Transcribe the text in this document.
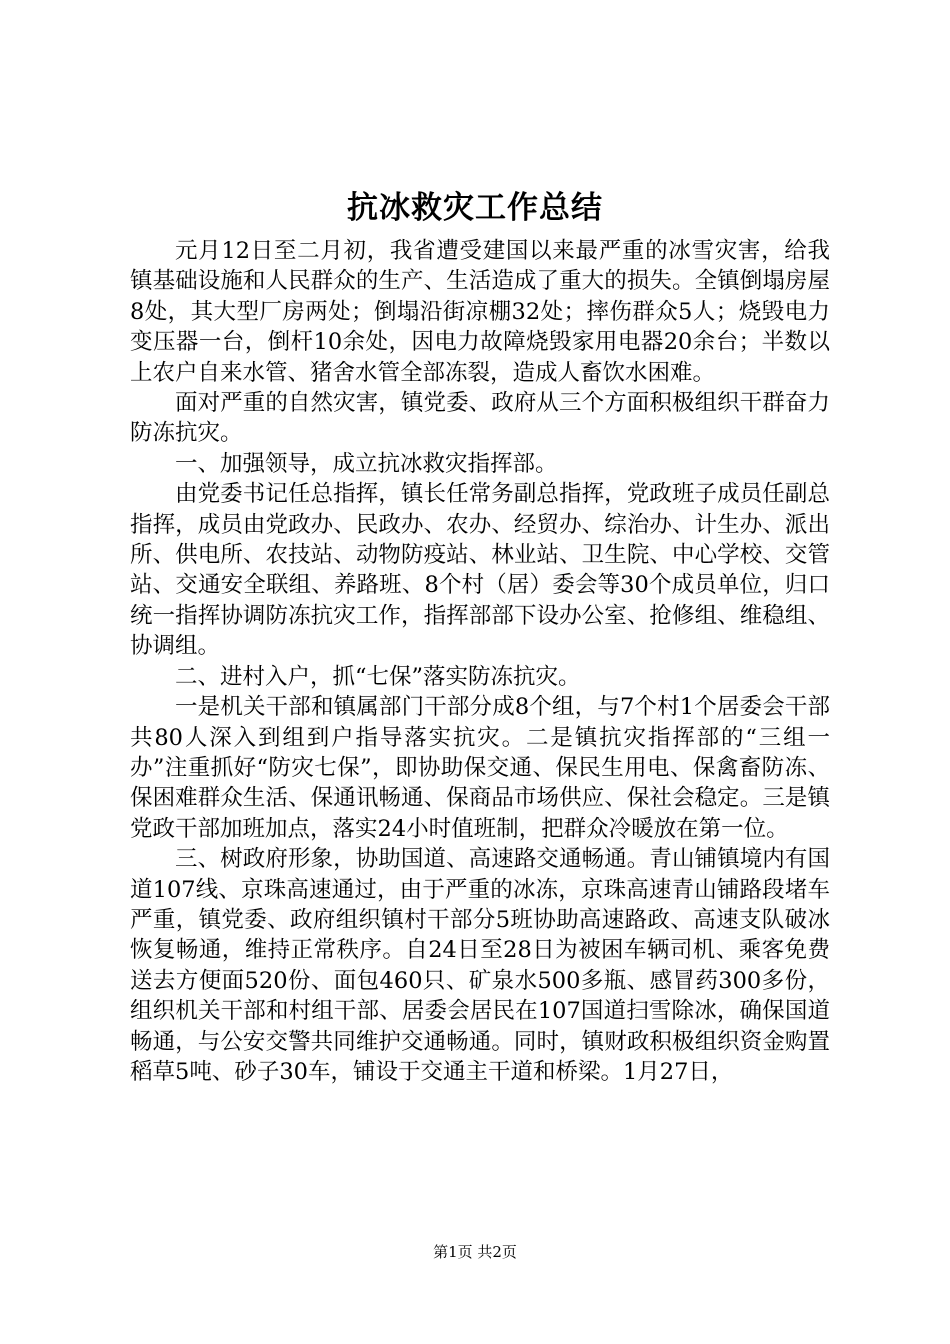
抗冰救灾工作总结

元月12日至二月初，我省遭受建国以来最严重的冰雪灾害，给我镇基础设施和人民群众的生产、生活造成了重大的损失。全镇倒塌房屋8处，其大型厂房两处；倒塌沿街凉棚32处；摔伤群众5人；烧毁电力变压器一台，倒杆10余处，因电力故障烧毁家用电器20余台；半数以上农户自来水管、猪舍水管全部冻裂，造成人畜饮水困难。

面对严重的自然灾害，镇党委、政府从三个方面积极组织干群奋力防冻抗灾。

一、加强领导，成立抗冰救灾指挥部。

由党委书记任总指挥，镇长任常务副总指挥，党政班子成员任副总指挥，成员由党政办、民政办、农办、经贸办、综治办、计生办、派出所、供电所、农技站、动物防疫站、林业站、卫生院、中心学校、交管站、交通安全联组、养路班、8个村（居）委会等30个成员单位，归口统一指挥协调防冻抗灾工作，指挥部部下设办公室、抢修组、维稳组、协调组。

二、进村入户，抓“七保”落实防冻抗灾。

一是机关干部和镇属部门干部分成8个组，与7个村1个居委会干部共80人深入到组到户指导落实抗灾。二是镇抗灾指挥部的“三组一办”注重抓好“防灾七保”，即协助保交通、保民生用电、保禽畜防冻、保困难群众生活、保通讯畅通、保商品市场供应、保社会稳定。三是镇党政干部加班加点，落实24小时值班制，把群众冷暖放在第一位。

三、树政府形象，协助国道、高速路交通畅通。青山铺镇境内有国道107线、京珠高速通过，由于严重的冰冻，京珠高速青山铺路段堵车严重，镇党委、政府组织镇村干部分5班协助高速路政、高速支队破冰恢复畅通，维持正常秩序。自24日至28日为被困车辆司机、乘客免费送去方便面520份、面包460只、矿泉水500多瓶、感冒药300多份，组织机关干部和村组干部、居委会居民在107国道扫雪除冰，确保国道畅通，与公安交警共同维护交通畅通。同时，镇财政积极组织资金购置稻草5吨、砂子30车，铺设于交通主干道和桥梁。1月27日，

第1页 共2页
